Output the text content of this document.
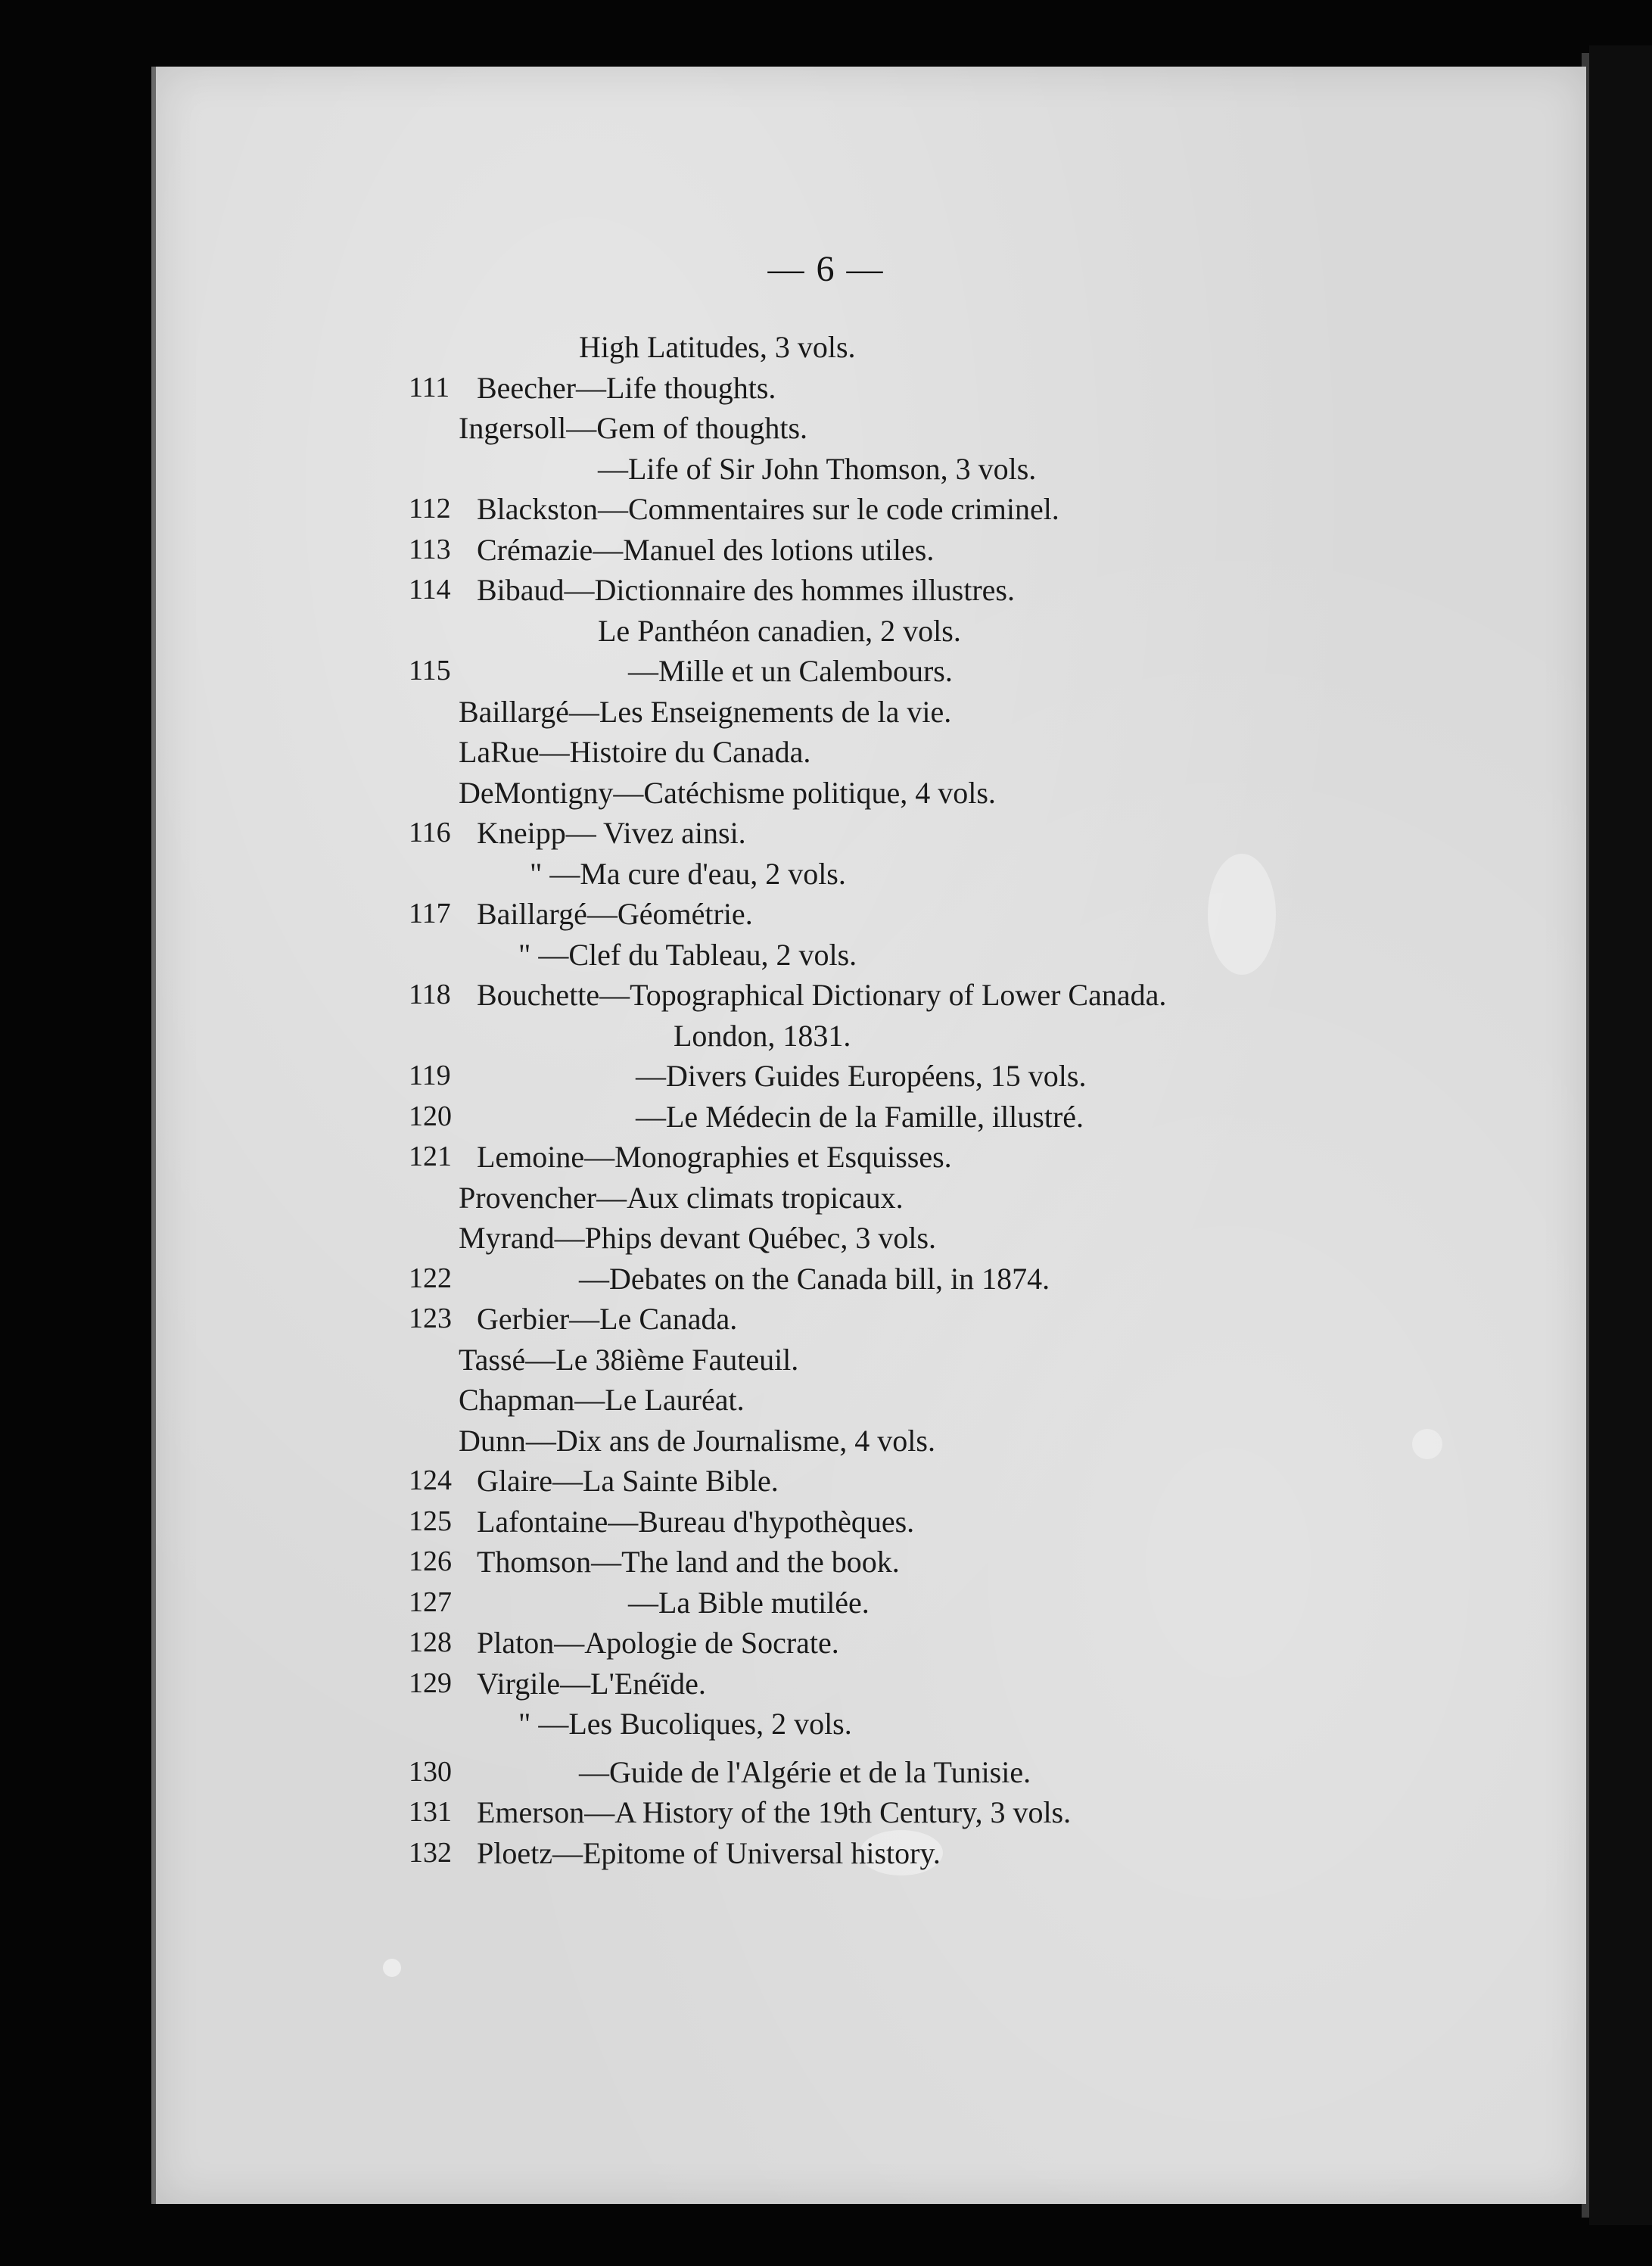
— 6 —
High Latitudes, 3 vols.
111 Beecher—Life thoughts.
Ingersoll—Gem of thoughts.
—Life of Sir John Thomson, 3 vols.
112 Blackston—Commentaires sur le code criminel.
113 Crémazie—Manuel des lotions utiles.
114 Bibaud—Dictionnaire des hommes illustres.
Le Panthéon canadien, 2 vols.
115	—Mille et un Calembours.
Baillargé—Les Enseignements de la vie.
LaRue—Histoire du Canada.
DeMontigny—Catéchisme politique, 4 vols.
116 Kneipp— Vivez ainsi.
" —Ma cure d'eau, 2 vols.
117 Baillargé—Géométrie.
" —Clef du Tableau, 2 vols.
118 Bouchette—Topographical Dictionary of Lower Canada.
London, 1831.
119	—Divers Guides Européens, 15 vols.
120	—Le Médecin de la Famille, illustré.
121 Lemoine—Monographies et Esquisses.
Provencher—Aux climats tropicaux.
Myrand—Phips devant Québec, 3 vols.
122	—Debates on the Canada bill, in 1874.
123 Gerbier—Le Canada.
Tassé—Le 38ième Fauteuil.
Chapman—Le Lauréat.
Dunn—Dix ans de Journalisme, 4 vols.
124 Glaire—La Sainte Bible.
125 Lafontaine—Bureau d'hypothèques.
126 Thomson—The land and the book.
127	—La Bible mutilée.
128 Platon—Apologie de Socrate.
129 Virgile—L'Enéïde.
" —Les Bucoliques, 2 vols.
130	—Guide de l'Algérie et de la Tunisie.
131 Emerson—A History of the 19th Century, 3 vols.
132 Ploetz—Epitome of Universal history.
